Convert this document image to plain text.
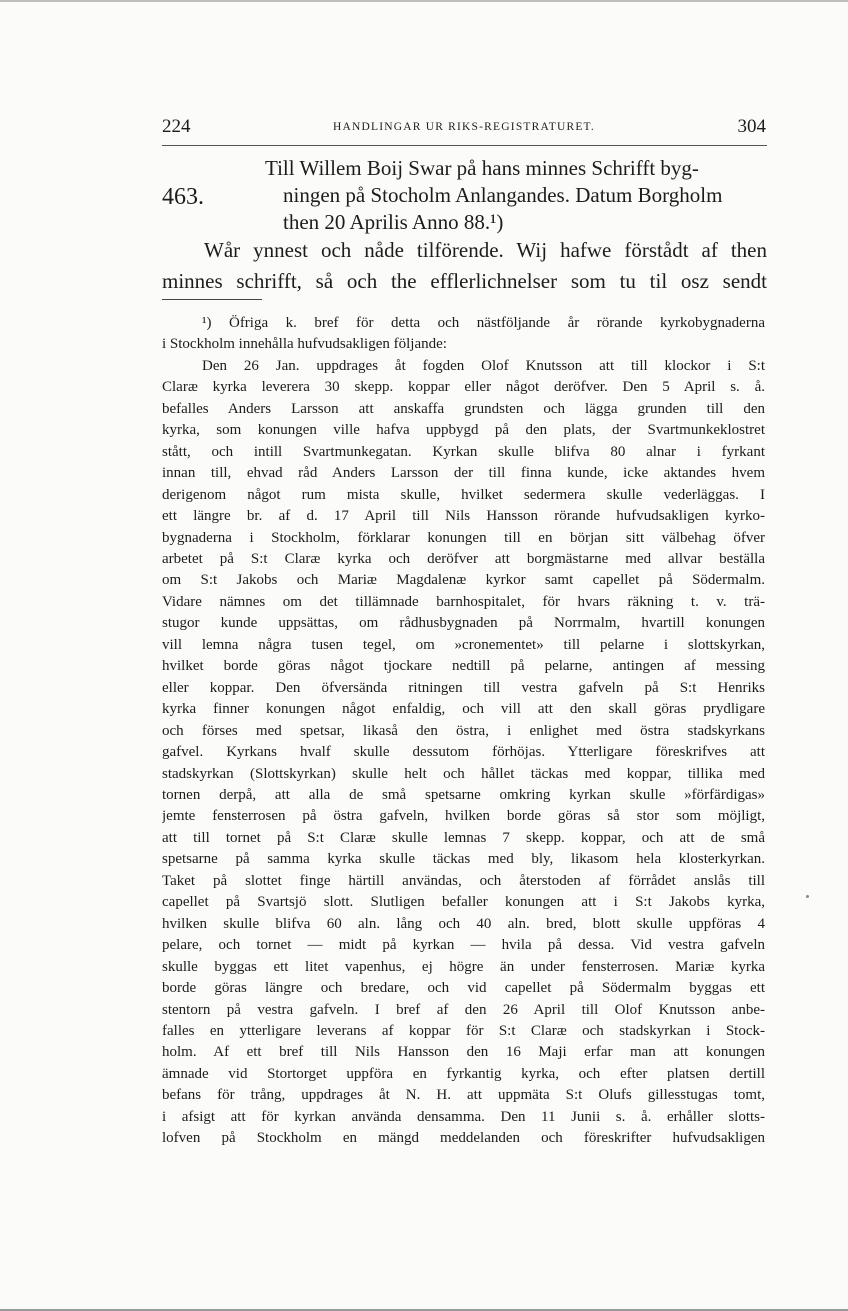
224	HANDLINGAR UR RIKS-REGISTRATURET.	304
463.
Till Willem Boij Swar på hans minnes Schrifft byg-
ningen på Stocholm Anlangandes. Datum Borgholm
then 20 Aprilis Anno 88.¹)
Wår ynnest och nåde tilförende. Wij hafwe förstådt af then
minnes schrifft, så och the efflerlichnelser som tu til osz sendt
¹) Öfriga k. bref för detta och nästföljande år rörande kyrkobygnaderna
i Stockholm innehålla hufvudsakligen följande:
Den 26 Jan. uppdrages åt fogden Olof Knutsson att till klockor i S:t
Claræ kyrka leverera 30 skepp. koppar eller något deröfver. Den 5 April s. å.
befalles Anders Larsson att anskaffa grundsten och lägga grunden till den
kyrka, som konungen ville hafva uppbygd på den plats, der Svartmunkeklostret
stått, och intill Svartmunkegatan. Kyrkan skulle blifva 80 alnar i fyrkant
innan till, ehvad råd Anders Larsson der till finna kunde, icke aktandes hvem
derigenom något rum mista skulle, hvilket sedermera skulle vederläggas. I
ett längre br. af d. 17 April till Nils Hansson rörande hufvudsakligen kyrko-
bygnaderna i Stockholm, förklarar konungen till en början sitt välbehag öfver
arbetet på S:t Claræ kyrka och deröfver att borgmästarne med allvar beställa
om S:t Jakobs och Mariæ Magdalenæ kyrkor samt capellet på Södermalm.
Vidare nämnes om det tillämnade barnhospitalet, för hvars räkning t. v. trä-
stugor kunde uppsättas, om rådhusbygnaden på Norrmalm, hvartill konungen
vill lemna några tusen tegel, om »cronementet» till pelarne i slottskyrkan,
hvilket borde göras något tjockare nedtill på pelarne, antingen af messing
eller koppar. Den öfversända ritningen till vestra gafveln på S:t Henriks
kyrka finner konungen något enfaldig, och vill att den skall göras prydligare
och förses med spetsar, likaså den östra, i enlighet med östra stadskyrkans
gafvel. Kyrkans hvalf skulle dessutom förhöjas. Ytterligare föreskrifves att
stadskyrkan (Slottskyrkan) skulle helt och hållet täckas med koppar, tillika med
tornen derpå, att alla de små spetsarne omkring kyrkan skulle »förfärdigas»
jemte fensterrosen på östra gafveln, hvilken borde göras så stor som möjligt,
att till tornet på S:t Claræ skulle lemnas 7 skepp. koppar, och att de små
spetsarne på samma kyrka skulle täckas med bly, likasom hela klosterkyrkan.
Taket på slottet finge härtill användas, och återstoden af förrådet anslås till
capellet på Svartsjö slott. Slutligen befaller konungen att i S:t Jakobs kyrka,
hvilken skulle blifva 60 aln. lång och 40 aln. bred, blott skulle uppföras 4
pelare, och tornet — midt på kyrkan — hvila på dessa. Vid vestra gafveln
skulle byggas ett litet vapenhus, ej högre än under fensterrosen. Mariæ kyrka
borde göras längre och bredare, och vid capellet på Södermalm byggas ett
stentorn på vestra gafveln. I bref af den 26 April till Olof Knutsson anbe-
falles en ytterligare leverans af koppar för S:t Claræ och stadskyrkan i Stock-
holm. Af ett bref till Nils Hansson den 16 Maji erfar man att konungen
ämnade vid Stortorget uppföra en fyrkantig kyrka, och efter platsen dertill
befans för trång, uppdrages åt N. H. att uppmäta S:t Olufs gillesstugas tomt,
i afsigt att för kyrkan använda densamma. Den 11 Junii s. å. erhåller slotts-
lofven på Stockholm en mängd meddelanden och föreskrifter hufvudsakligen
